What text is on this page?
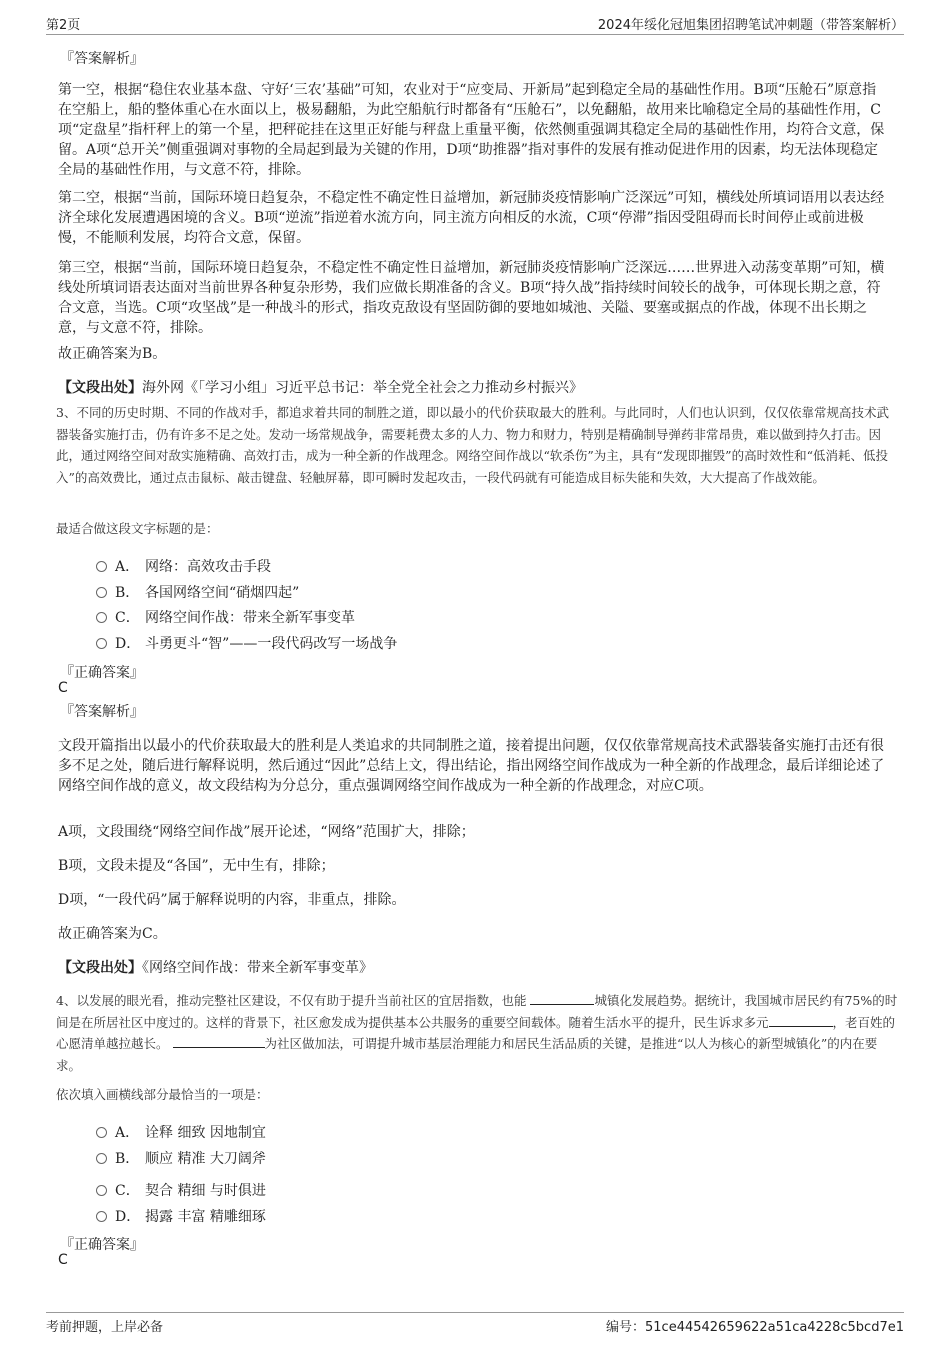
第2页	2024年绥化冠旭集团招聘笔试冲刺题（带答案解析）
『答案解析』
第一空，根据“稳住农业基本盘、守好‘三农’基础”可知，农业对于“应变局、开新局”起到稳定全局的基础性作用。B项“压舱石”原意指在空船上，船的整体重心在水面以上，极易翻船，为此空船航行时都备有“压舱石”，以免翻船，故用来比喻稳定全局的基础性作用，C项“定盘星”指杆秤上的第一个星，把秤砣挂在这里正好能与秤盘上重量平衡，依然侧重强调其稳定全局的基础性作用，均符合文意，保留。A项“总开关”侧重强调对事物的全局起到最为关键的作用，D项“助推器”指对事件的发展有推动促进作用的因素，均无法体现稳定全局的基础性作用，与文意不符，排除。
第二空，根据“当前，国际环境日趋复杂，不稳定性不确定性日益增加，新冠肺炎疫情影响广泛深远”可知，横线处所填词语用以表达经济全球化发展遭遇困境的含义。B项“逆流”指逆着水流方向，同主流方向相反的水流，C项“停滞”指因受阻碍而长时间停止或前进极慢，不能顺利发展，均符合文意，保留。
第三空，根据“当前，国际环境日趋复杂，不稳定性不确定性日益增加，新冠肺炎疫情影响广泛深远……世界进入动荡变革期”可知，横线处所填词语表达面对当前世界各种复杂形势，我们应做长期准备的含义。B项“持久战”指持续时间较长的战争，可体现长期之意，符合文意，当选。C项“攻坚战”是一种战斗的形式，指攻克敌设有坚固防御的要地如城池、关隘、要塞或据点的作战，体现不出长期之意，与文意不符，排除。
故正确答案为B。
【文段出处】海外网《「学习小组」习近平总书记：举全党全社会之力推动乡村振兴》
3、不同的历史时期、不同的作战对手，都追求着共同的制胜之道，即以最小的代价获取最大的胜利。与此同时，人们也认识到，仅仅依靠常规高技术武器装备实施打击，仍有许多不足之处。发动一场常规战争，需要耗费太多的人力、物力和财力，特别是精确制导弹药非常昂贵，难以做到持久打击。因此，通过网络空间对敌实施精确、高效打击，成为一种全新的作战理念。网络空间作战以“软杀伤”为主，具有“发现即摧毁”的高时效性和“低消耗、低投入”的高效费比，通过点击鼠标、敲击键盘、轻触屏幕，即可瞬时发起攻击，一段代码就有可能造成目标失能和失效，大大提高了作战效能。
最适合做这段文字标题的是：
A． 网络：高效攻击手段
B． 各国网络空间“硝烟四起”
C． 网络空间作战：带来全新军事变革
D． 斗勇更斗“智”——一段代码改写一场战争
『正确答案』
C
『答案解析』
文段开篇指出以最小的代价获取最大的胜利是人类追求的共同制胜之道，接着提出问题，仅仅依靠常规高技术武器装备实施打击还有很多不足之处，随后进行解释说明，然后通过“因此”总结上文，得出结论，指出网络空间作战成为一种全新的作战理念，最后详细论述了网络空间作战的意义，故文段结构为分总分，重点强调网络空间作战成为一种全新的作战理念，对应C项。
A项，文段围绕“网络空间作战”展开论述，“网络”范围扩大，排除；
B项，文段未提及“各国”，无中生有，排除；
D项，“一段代码”属于解释说明的内容，非重点，排除。
故正确答案为C。
【文段出处】《网络空间作战：带来全新军事变革》
4、以发展的眼光看，推动完整社区建设，不仅有助于提升当前社区的宜居指数，也能	城镇化发展趋势。据统计，我国城市居民约有75%的时间是在所居社区中度过的。这样的背景下，社区愈发成为提供基本公共服务的重要空间载体。随着生活水平的提升，民生诉求多元	，老百姓的心愿清单越拉越长。	为社区做加法，可谓提升城市基层治理能力和居民生活品质的关键，是推进“以人为核心的新型城镇化”的内在要求。
依次填入画横线部分最恰当的一项是：
A． 诠释 细致 因地制宜
B． 顺应 精准 大刀阔斧
C． 契合 精细 与时俱进
D． 揭露 丰富 精雕细琢
『正确答案』
C
考前押题，上岸必备	编号：51ce44542659622a51ca4228c5bcd7e1
